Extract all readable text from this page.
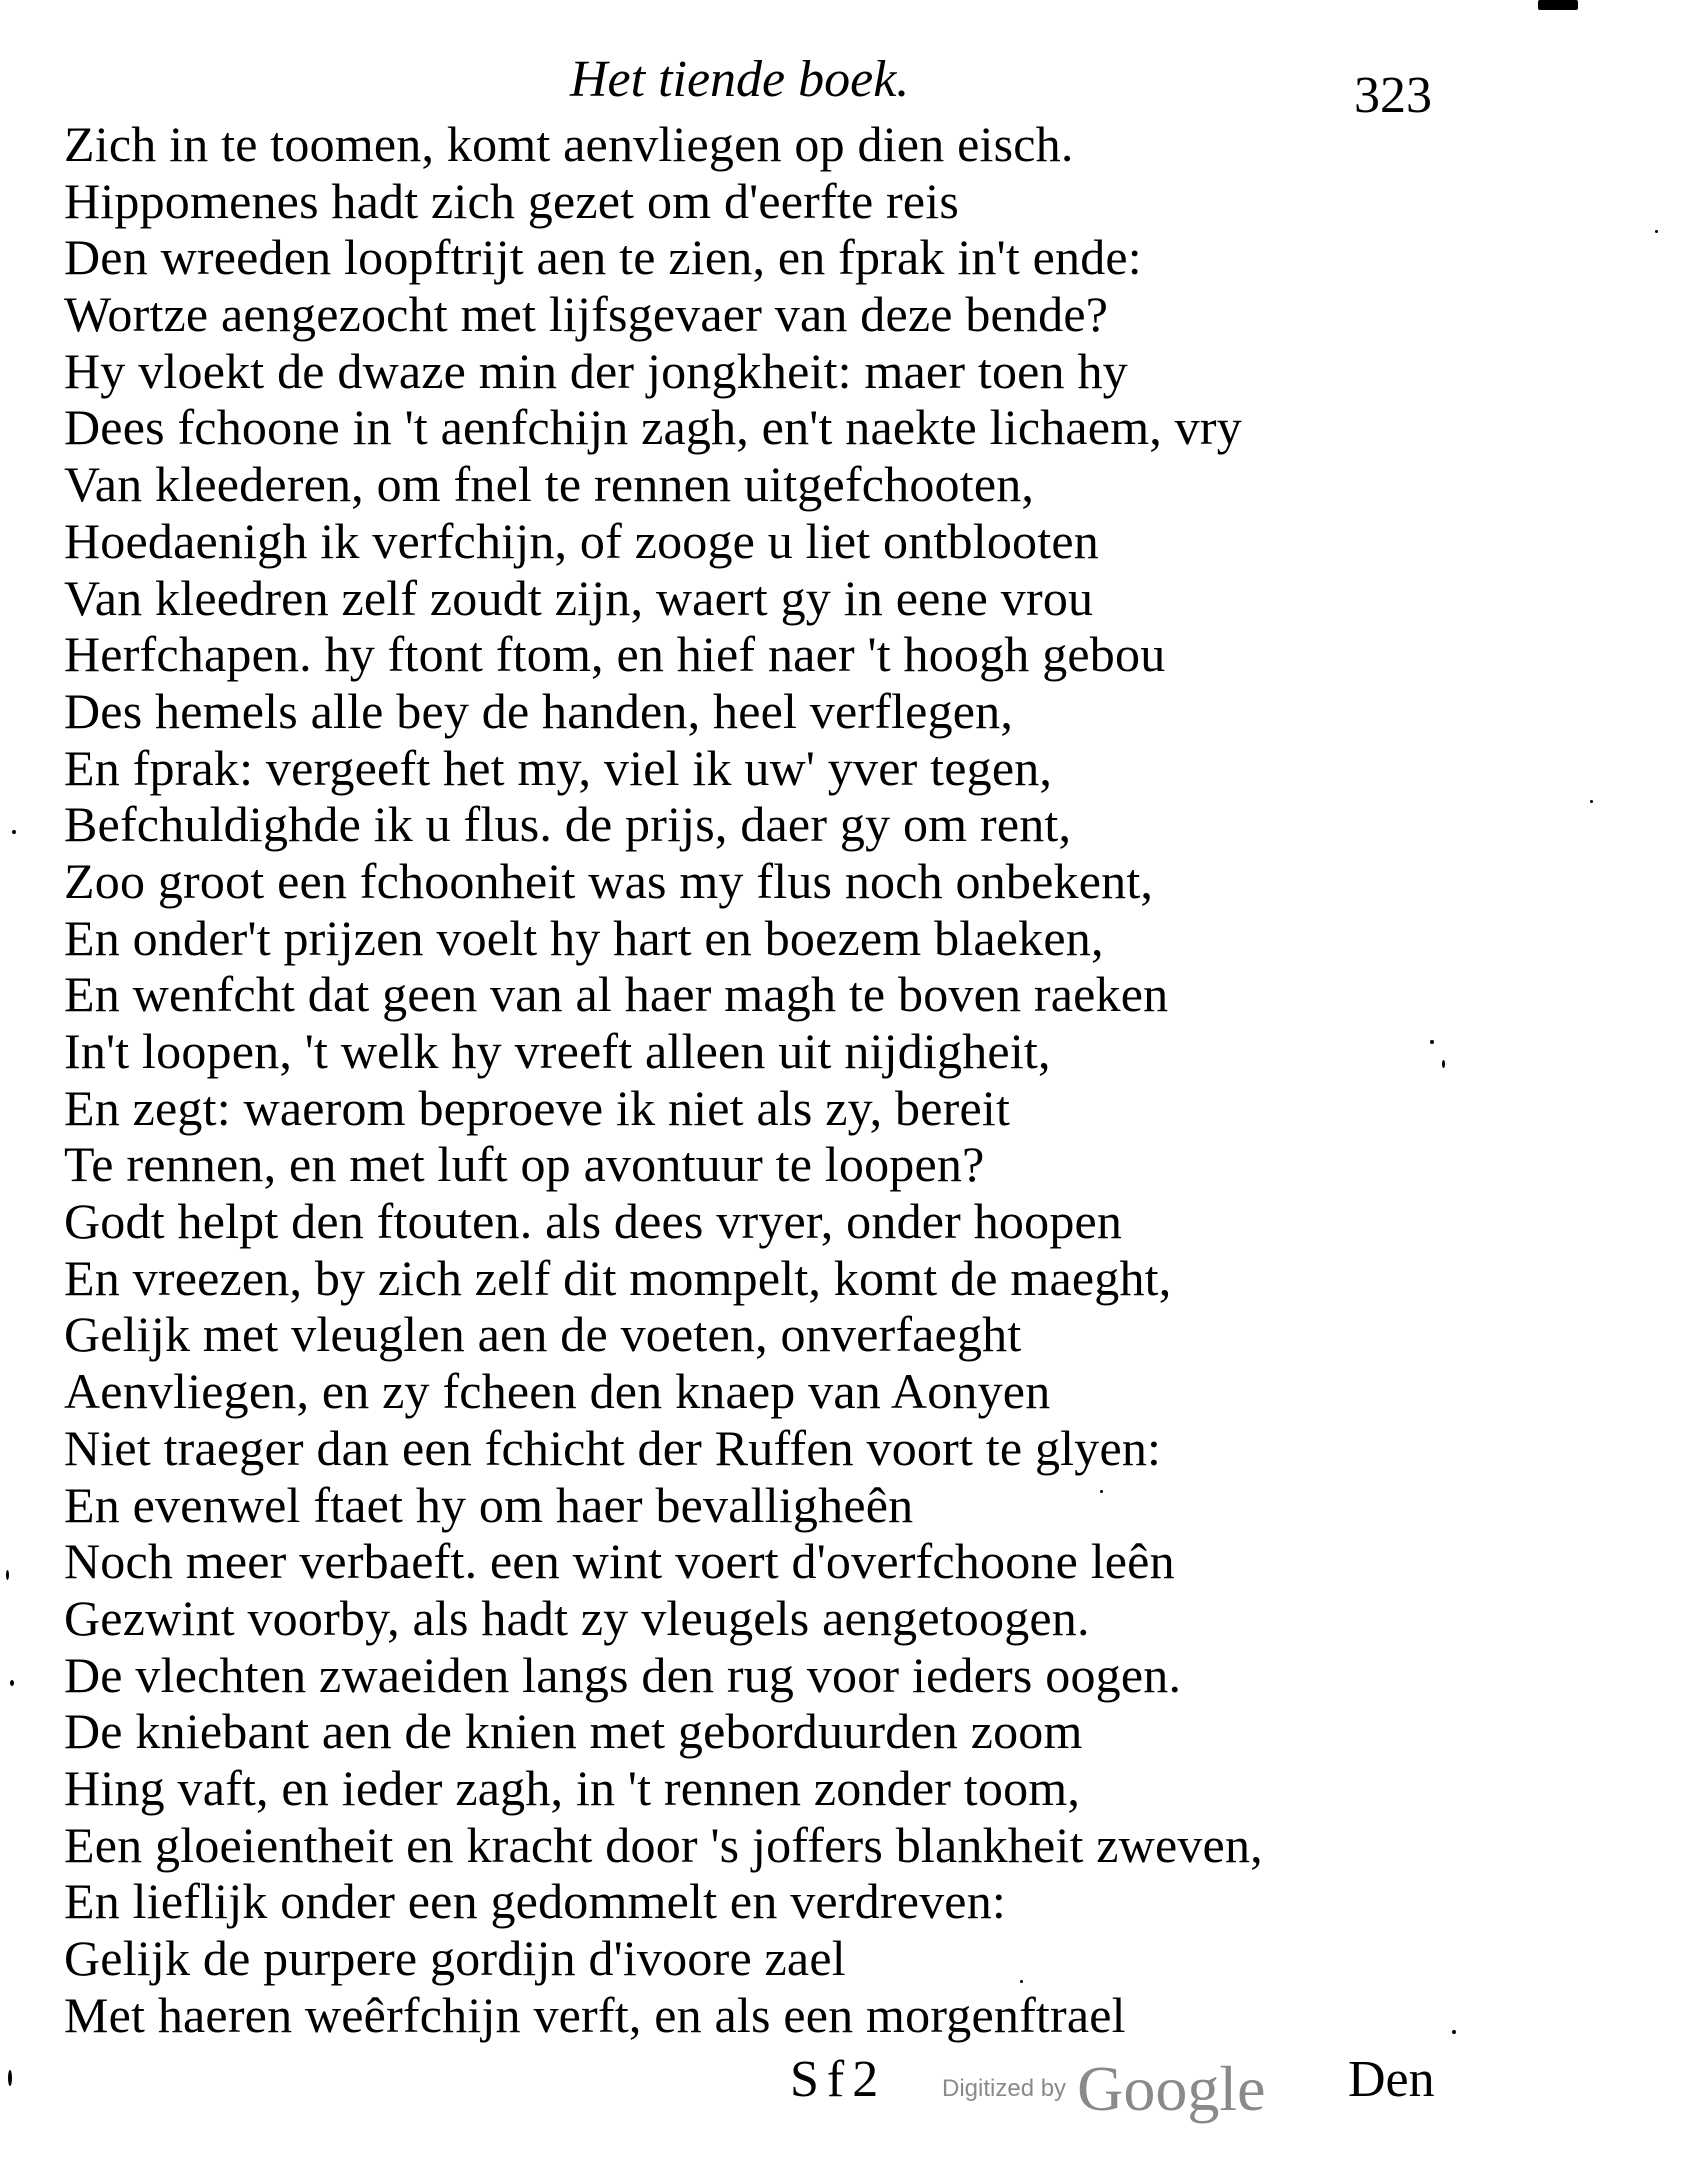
Het tiende boek.	323
Zich in te toomen, komt aenvliegen op dien eisch.
Hippomenes hadt zich gezet om d'eerfte reis
Den wreeden loopftrijt aen te zien, en fprak in't ende:
Wortze aengezocht met lijfsgevaer van deze bende?
Hy vloekt de dwaze min der jongkheit: maer toen hy
Dees fchoone in 't aenfchijn zagh, en't naekte lichaem, vry
Van kleederen, om fnel te rennen uitgefchooten,
Hoedaenigh ik verfchijn, of zooge u liet ontblooten
Van kleedren zelf zoudt zijn, waert gy in eene vrou
Herfchapen. hy ftont ftom, en hief naer 't hoogh gebou
Des hemels alle bey de handen, heel verflegen,
En fprak: vergeeft het my, viel ik uw' yver tegen,
Befchuldighde ik u flus. de prijs, daer gy om rent,
Zoo groot een fchoonheit was my flus noch onbekent,
En onder't prijzen voelt hy hart en boezem blaeken,
En wenfcht dat geen van al haer magh te boven raeken
In't loopen, 't welk hy vreeft alleen uit nijdigheit,
En zegt: waerom beproeve ik niet als zy, bereit
Te rennen, en met luft op avontuur te loopen?
Godt helpt den ftouten. als dees vryer, onder hoopen
En vreezen, by zich zelf dit mompelt, komt de maeght,
Gelijk met vleuglen aen de voeten, onverfaeght
Aenvliegen, en zy fcheen den knaep van Aonyen
Niet traeger dan een fchicht der Ruffen voort te glyen:
En evenwel ftaet hy om haer bevalligheên
Noch meer verbaeft. een wint voert d'overfchoone leên
Gezwint voorby, als hadt zy vleugels aengetoogen.
De vlechten zwaeiden langs den rug voor ieders oogen.
De kniebant aen de knien met geborduurden zoom
Hing vaft, en ieder zagh, in 't rennen zonder toom,
Een gloeientheit en kracht door 's joffers blankheit zweven,
En lieflijk onder een gedommelt en verdreven:
Gelijk de purpere gordijn d'ivoore zael
Met haeren weêrfchijn verft, en als een morgenftrael
Sf2 Digitized by Google Den
